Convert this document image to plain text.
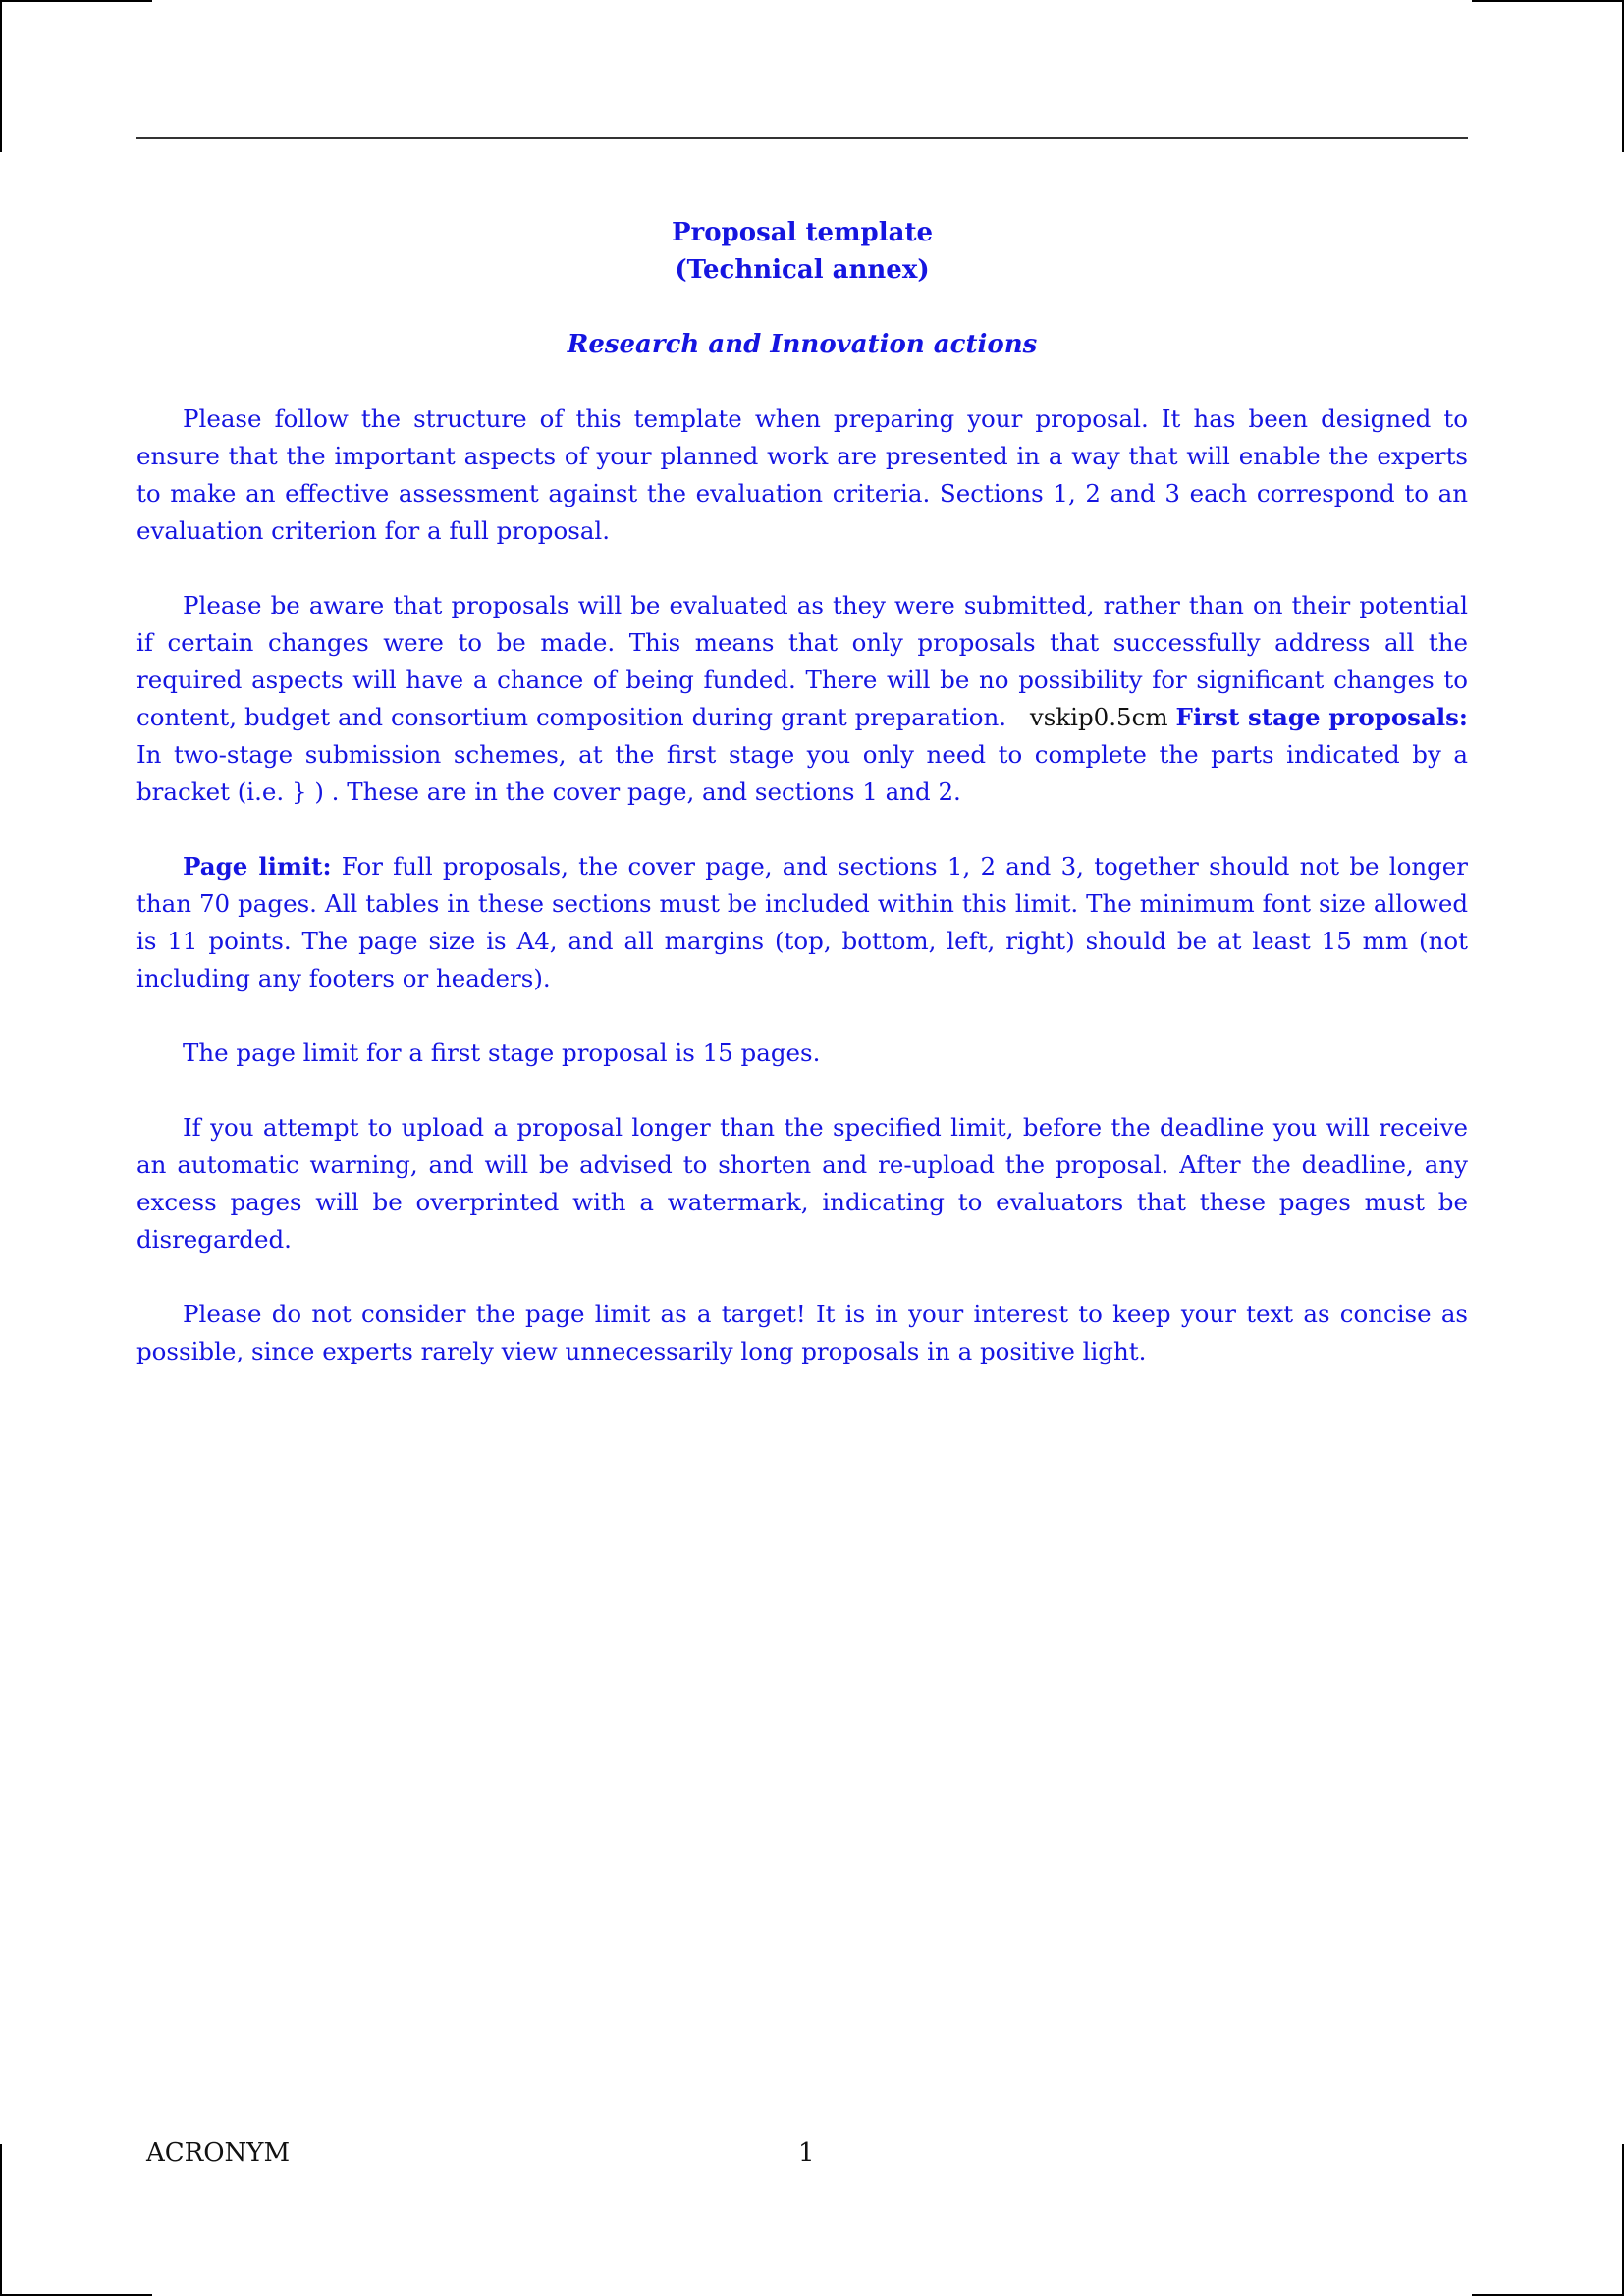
Proposal template
(Technical annex)
Research and Innovation actions

Please follow the structure of this template when preparing your proposal. It has been designed to ensure that the important aspects of your planned work are presented in a way that will enable the experts to make an effective assessment against the evaluation criteria. Sections 1, 2 and 3 each correspond to an evaluation criterion for a full proposal.

Please be aware that proposals will be evaluated as they were submitted, rather than on their potential if certain changes were to be made. This means that only proposals that successfully address all the required aspects will have a chance of being funded. There will be no possibility for significant changes to content, budget and consortium composition during grant preparation. vskip0.5cm First stage proposals: In two-stage submission schemes, at the first stage you only need to complete the parts indicated by a bracket (i.e. } ) . These are in the cover page, and sections 1 and 2.

Page limit: For full proposals, the cover page, and sections 1, 2 and 3, together should not be longer than 70 pages. All tables in these sections must be included within this limit. The minimum font size allowed is 11 points. The page size is A4, and all margins (top, bottom, left, right) should be at least 15 mm (not including any footers or headers).

The page limit for a first stage proposal is 15 pages.

If you attempt to upload a proposal longer than the specified limit, before the deadline you will receive an automatic warning, and will be advised to shorten and re-upload the proposal. After the deadline, any excess pages will be overprinted with a watermark, indicating to evaluators that these pages must be disregarded.

Please do not consider the page limit as a target! It is in your interest to keep your text as concise as possible, since experts rarely view unnecessarily long proposals in a positive light.

ACRONYM	1
